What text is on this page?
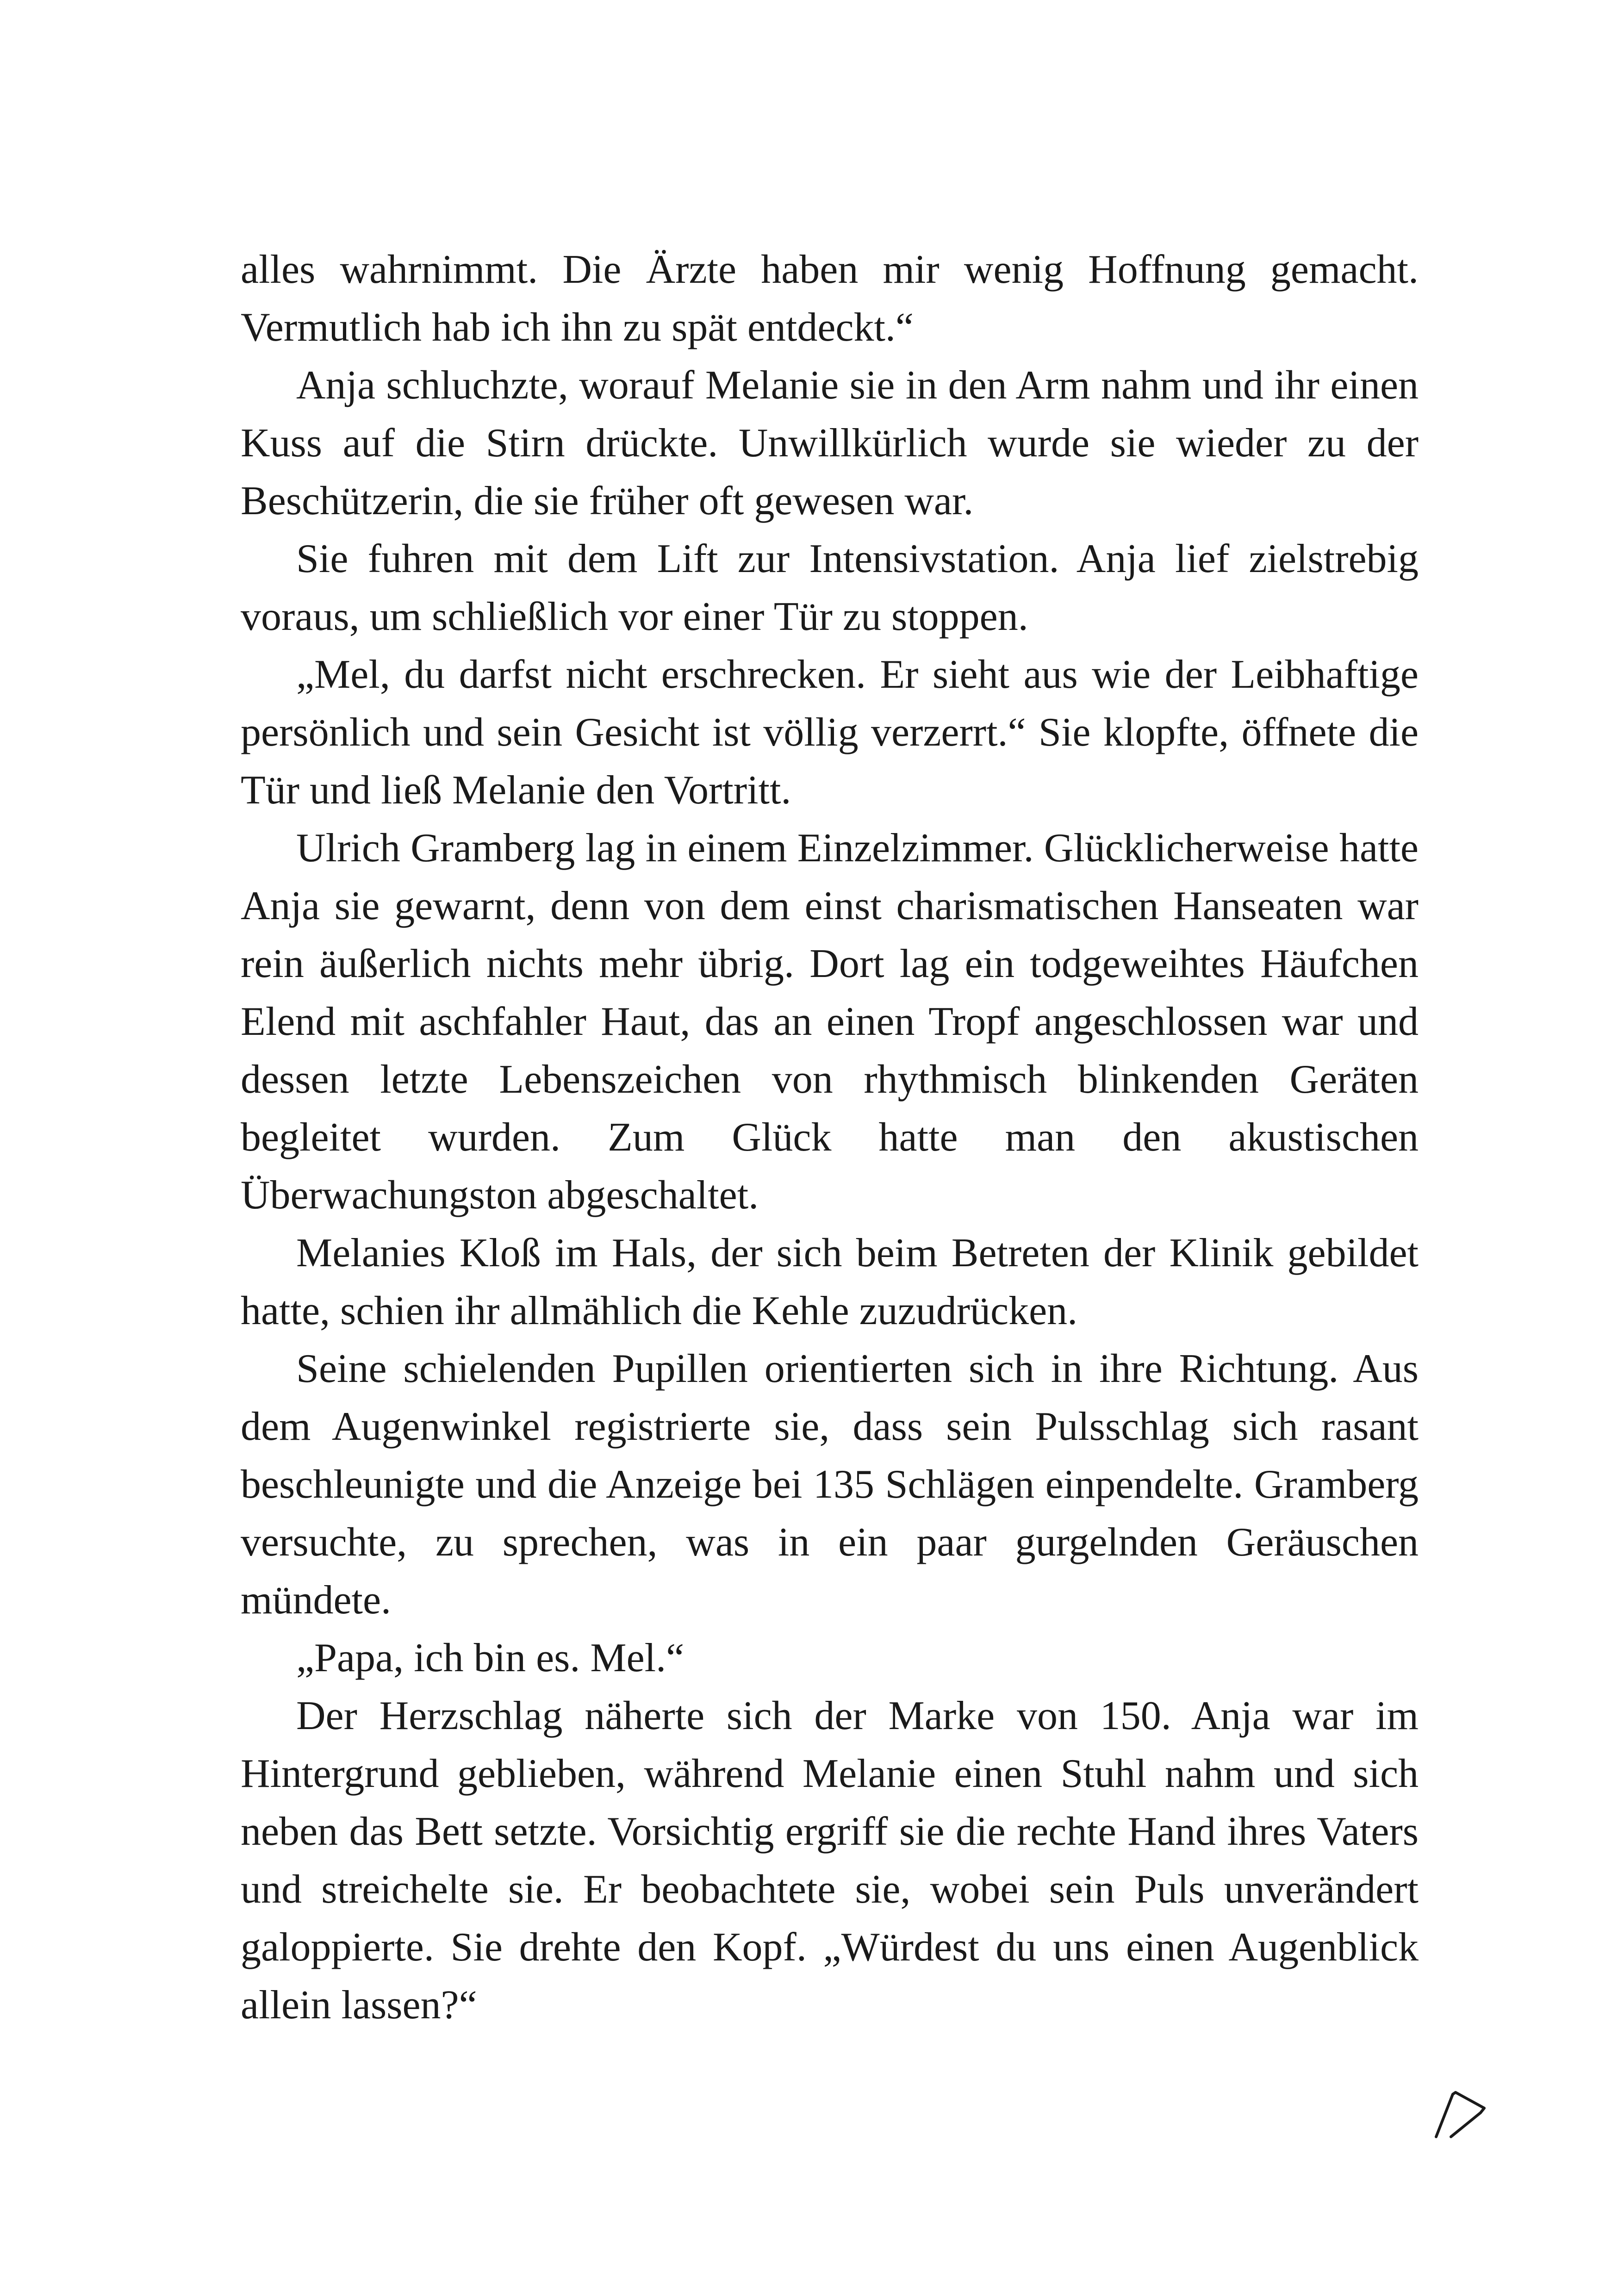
alles wahrnimmt. Die Ärzte haben mir wenig Hoffnung gemacht. Vermutlich hab ich ihn zu spät entdeckt.“

Anja schluchzte, worauf Melanie sie in den Arm nahm und ihr einen Kuss auf die Stirn drückte. Unwillkürlich wurde sie wieder zu der Beschützerin, die sie früher oft gewesen war.

Sie fuhren mit dem Lift zur Intensivstation. Anja lief zielstrebig voraus, um schließlich vor einer Tür zu stoppen.

„Mel, du darfst nicht erschrecken. Er sieht aus wie der Leibhaftige persönlich und sein Gesicht ist völlig verzerrt.“ Sie klopfte, öffnete die Tür und ließ Melanie den Vortritt.

Ulrich Gramberg lag in einem Einzelzimmer. Glücklicherweise hatte Anja sie gewarnt, denn von dem einst charismatischen Hanseaten war rein äußerlich nichts mehr übrig. Dort lag ein todgeweihtes Häufchen Elend mit aschfahler Haut, das an einen Tropf angeschlossen war und dessen letzte Lebenszeichen von rhythmisch blinkenden Geräten begleitet wurden. Zum Glück hatte man den akustischen Überwachungston abgeschaltet.

Melanies Kloß im Hals, der sich beim Betreten der Klinik gebildet hatte, schien ihr allmählich die Kehle zuzudrücken.

Seine schielenden Pupillen orientierten sich in ihre Richtung. Aus dem Augenwinkel registrierte sie, dass sein Pulsschlag sich rasant beschleunigte und die Anzeige bei 135 Schlägen einpendelte. Gramberg versuchte, zu sprechen, was in ein paar gurgelnden Geräuschen mündete.

„Papa, ich bin es. Mel.“

Der Herzschlag näherte sich der Marke von 150. Anja war im Hintergrund geblieben, während Melanie einen Stuhl nahm und sich neben das Bett setzte. Vorsichtig ergriff sie die rechte Hand ihres Vaters und streichelte sie. Er beobachtete sie, wobei sein Puls unverändert galoppierte. Sie drehte den Kopf. „Würdest du uns einen Augenblick allein lassen?“
